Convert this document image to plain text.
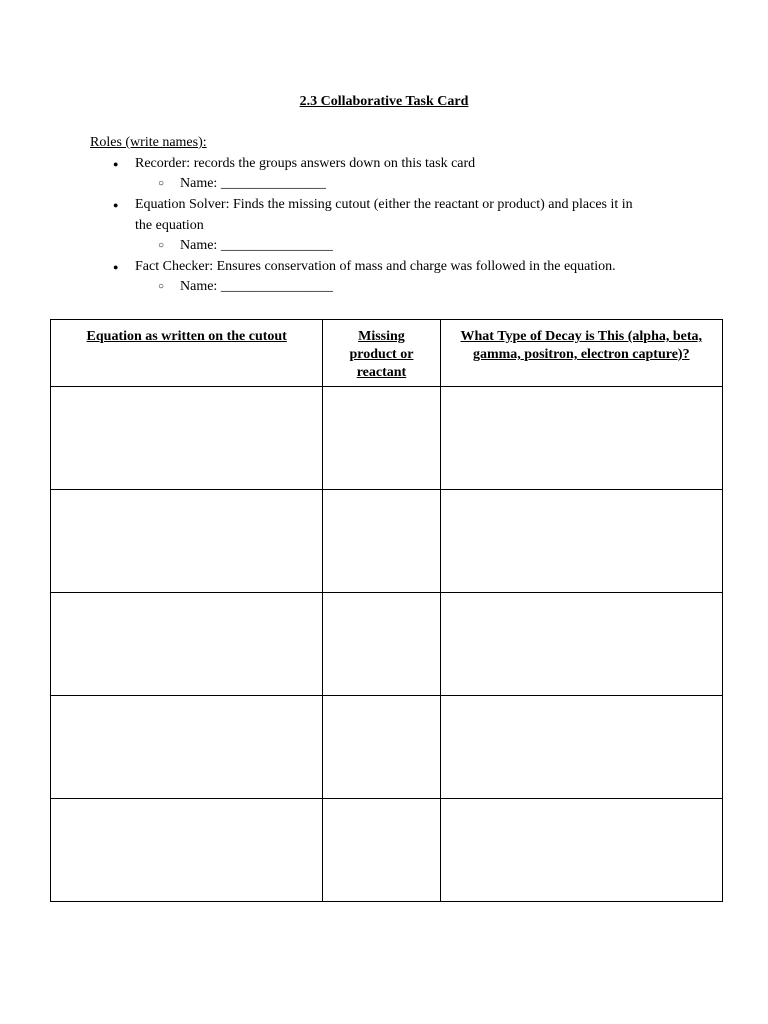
2.3 Collaborative Task Card
Roles (write names):
● Recorder: records the groups answers down on this task card
○ Name: _______________
● Equation Solver: Finds the missing cutout (either the reactant or product) and places it in
the equation
○ Name: ________________
● Fact Checker: Ensures conservation of mass and charge was followed in the equation.
○ Name: ________________
Equation as written on the cutout	Missing product or reactant	What Type of Decay is This (alpha, beta, gamma, positron, electron capture)?
